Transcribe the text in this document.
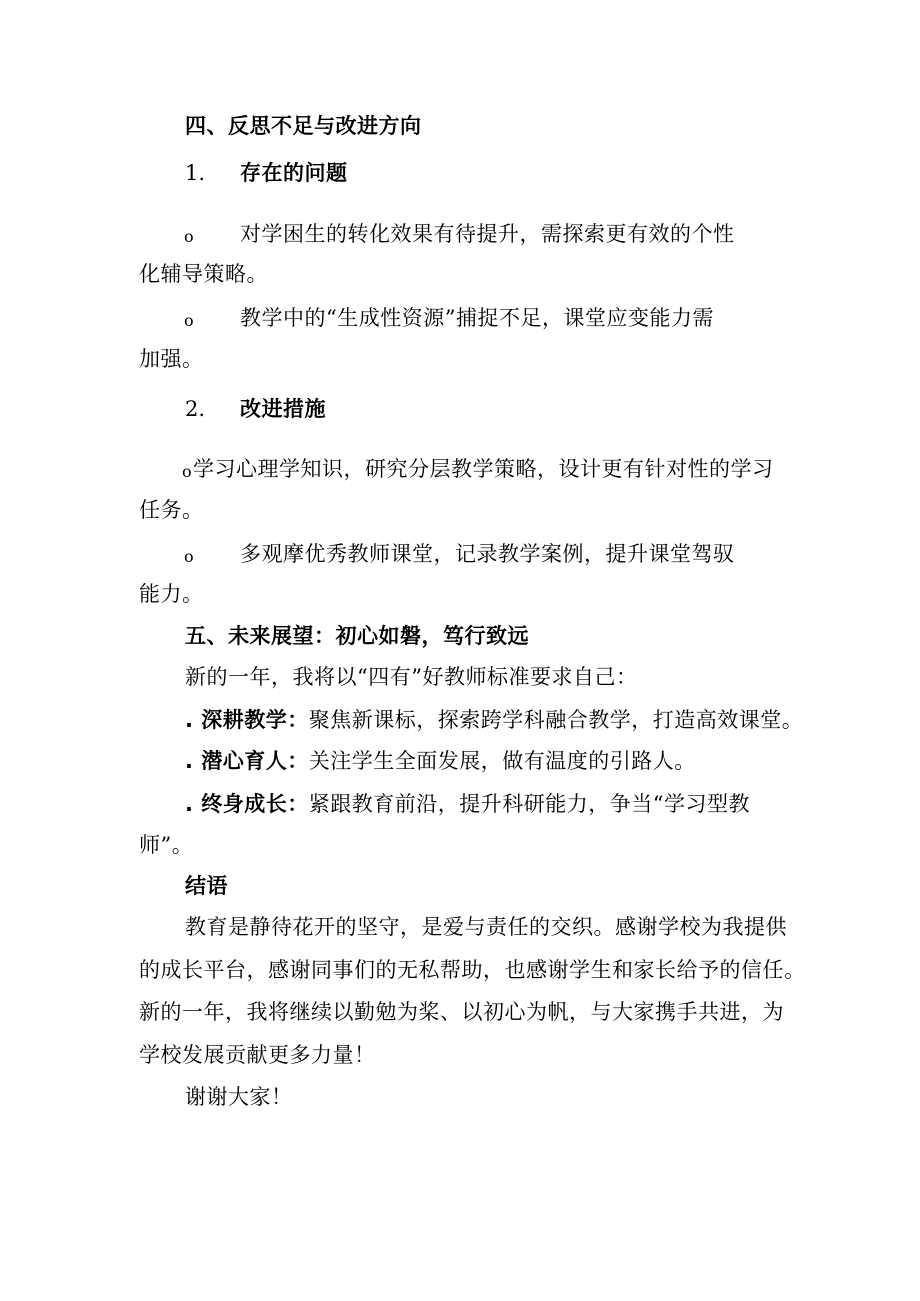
四、反思不足与改进方向
1. 存在的问题
o 对学困生的转化效果有待提升，需探索更有效的个性
化辅导策略。
o 教学中的“生成性资源”捕捉不足，课堂应变能力需
加强。
2. 改进措施
o 学习心理学知识，研究分层教学策略，设计更有针对性的学习
任务。
o 多观摩优秀教师课堂，记录教学案例，提升课堂驾驭
能力。
五、未来展望：初心如磐，笃行致远
新的一年，我将以“四有”好教师标准要求自己：
. 深耕教学：聚焦新课标，探索跨学科融合教学，打造高效课堂。
. 潜心育人：关注学生全面发展，做有温度的引路人。
. 终身成长：紧跟教育前沿，提升科研能力，争当“学习型教
师”。
结语
教育是静待花开的坚守，是爱与责任的交织。感谢学校为我提供
的成长平台，感谢同事们的无私帮助，也感谢学生和家长给予的信任。
新的一年，我将继续以勤勉为桨、以初心为帆，与大家携手共进，为
学校发展贡献更多力量！
谢谢大家！
